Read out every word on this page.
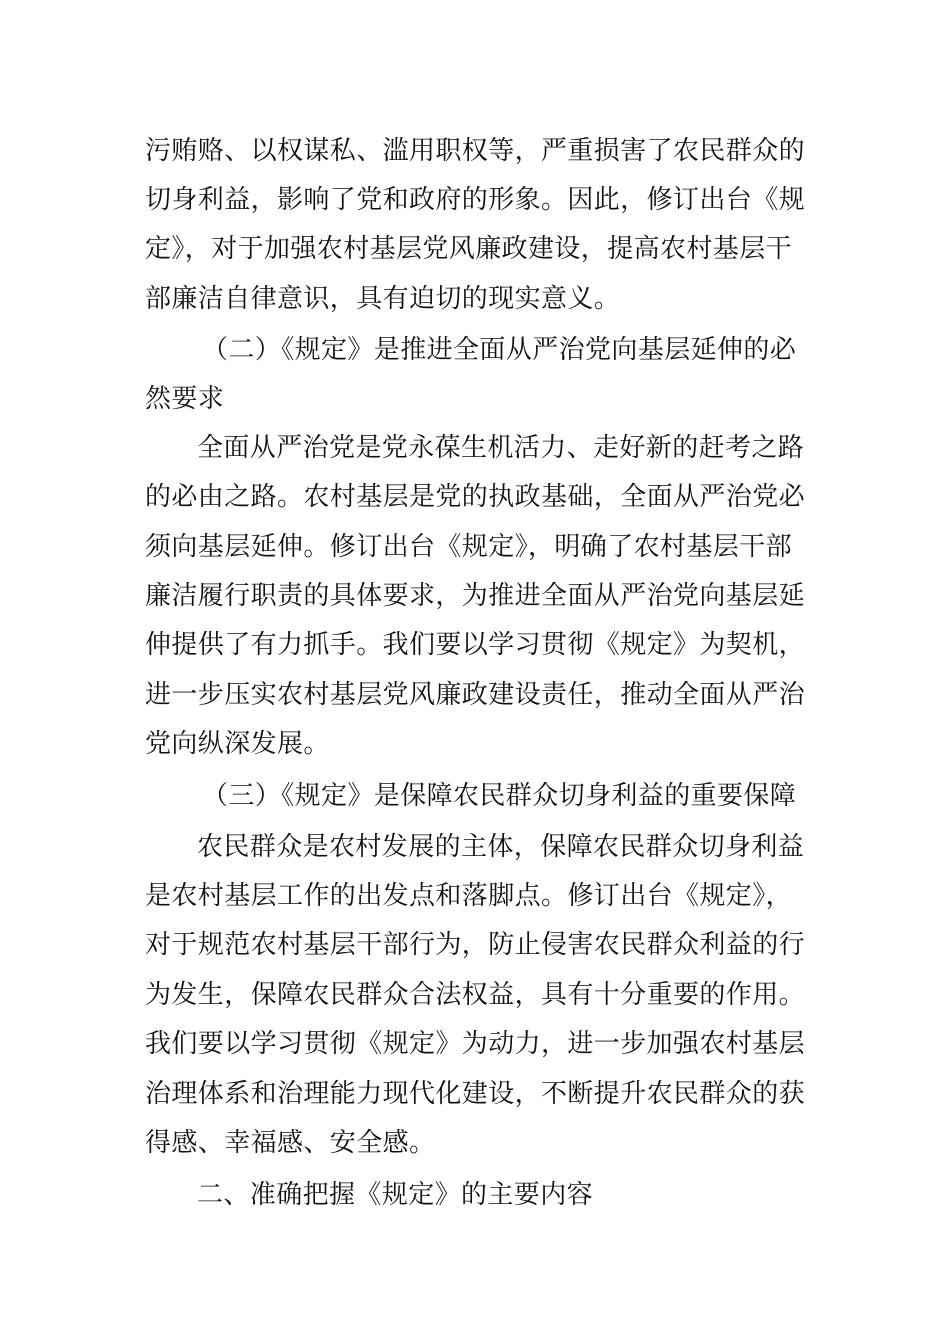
污贿赂、以权谋私、滥用职权等，严重损害了农民群众的
切身利益，影响了党和政府的形象。因此，修订出台《规
定》，对于加强农村基层党风廉政建设，提高农村基层干
部廉洁自律意识，具有迫切的现实意义。
（二）《规定》是推进全面从严治党向基层延伸的必
然要求
全面从严治党是党永葆生机活力、走好新的赶考之路
的必由之路。农村基层是党的执政基础，全面从严治党必
须向基层延伸。修订出台《规定》，明确了农村基层干部
廉洁履行职责的具体要求，为推进全面从严治党向基层延
伸提供了有力抓手。我们要以学习贯彻《规定》为契机，
进一步压实农村基层党风廉政建设责任，推动全面从严治
党向纵深发展。
（三）《规定》是保障农民群众切身利益的重要保障
农民群众是农村发展的主体，保障农民群众切身利益
是农村基层工作的出发点和落脚点。修订出台《规定》，
对于规范农村基层干部行为，防止侵害农民群众利益的行
为发生，保障农民群众合法权益，具有十分重要的作用。
我们要以学习贯彻《规定》为动力，进一步加强农村基层
治理体系和治理能力现代化建设，不断提升农民群众的获
得感、幸福感、安全感。
二、准确把握《规定》的主要内容
